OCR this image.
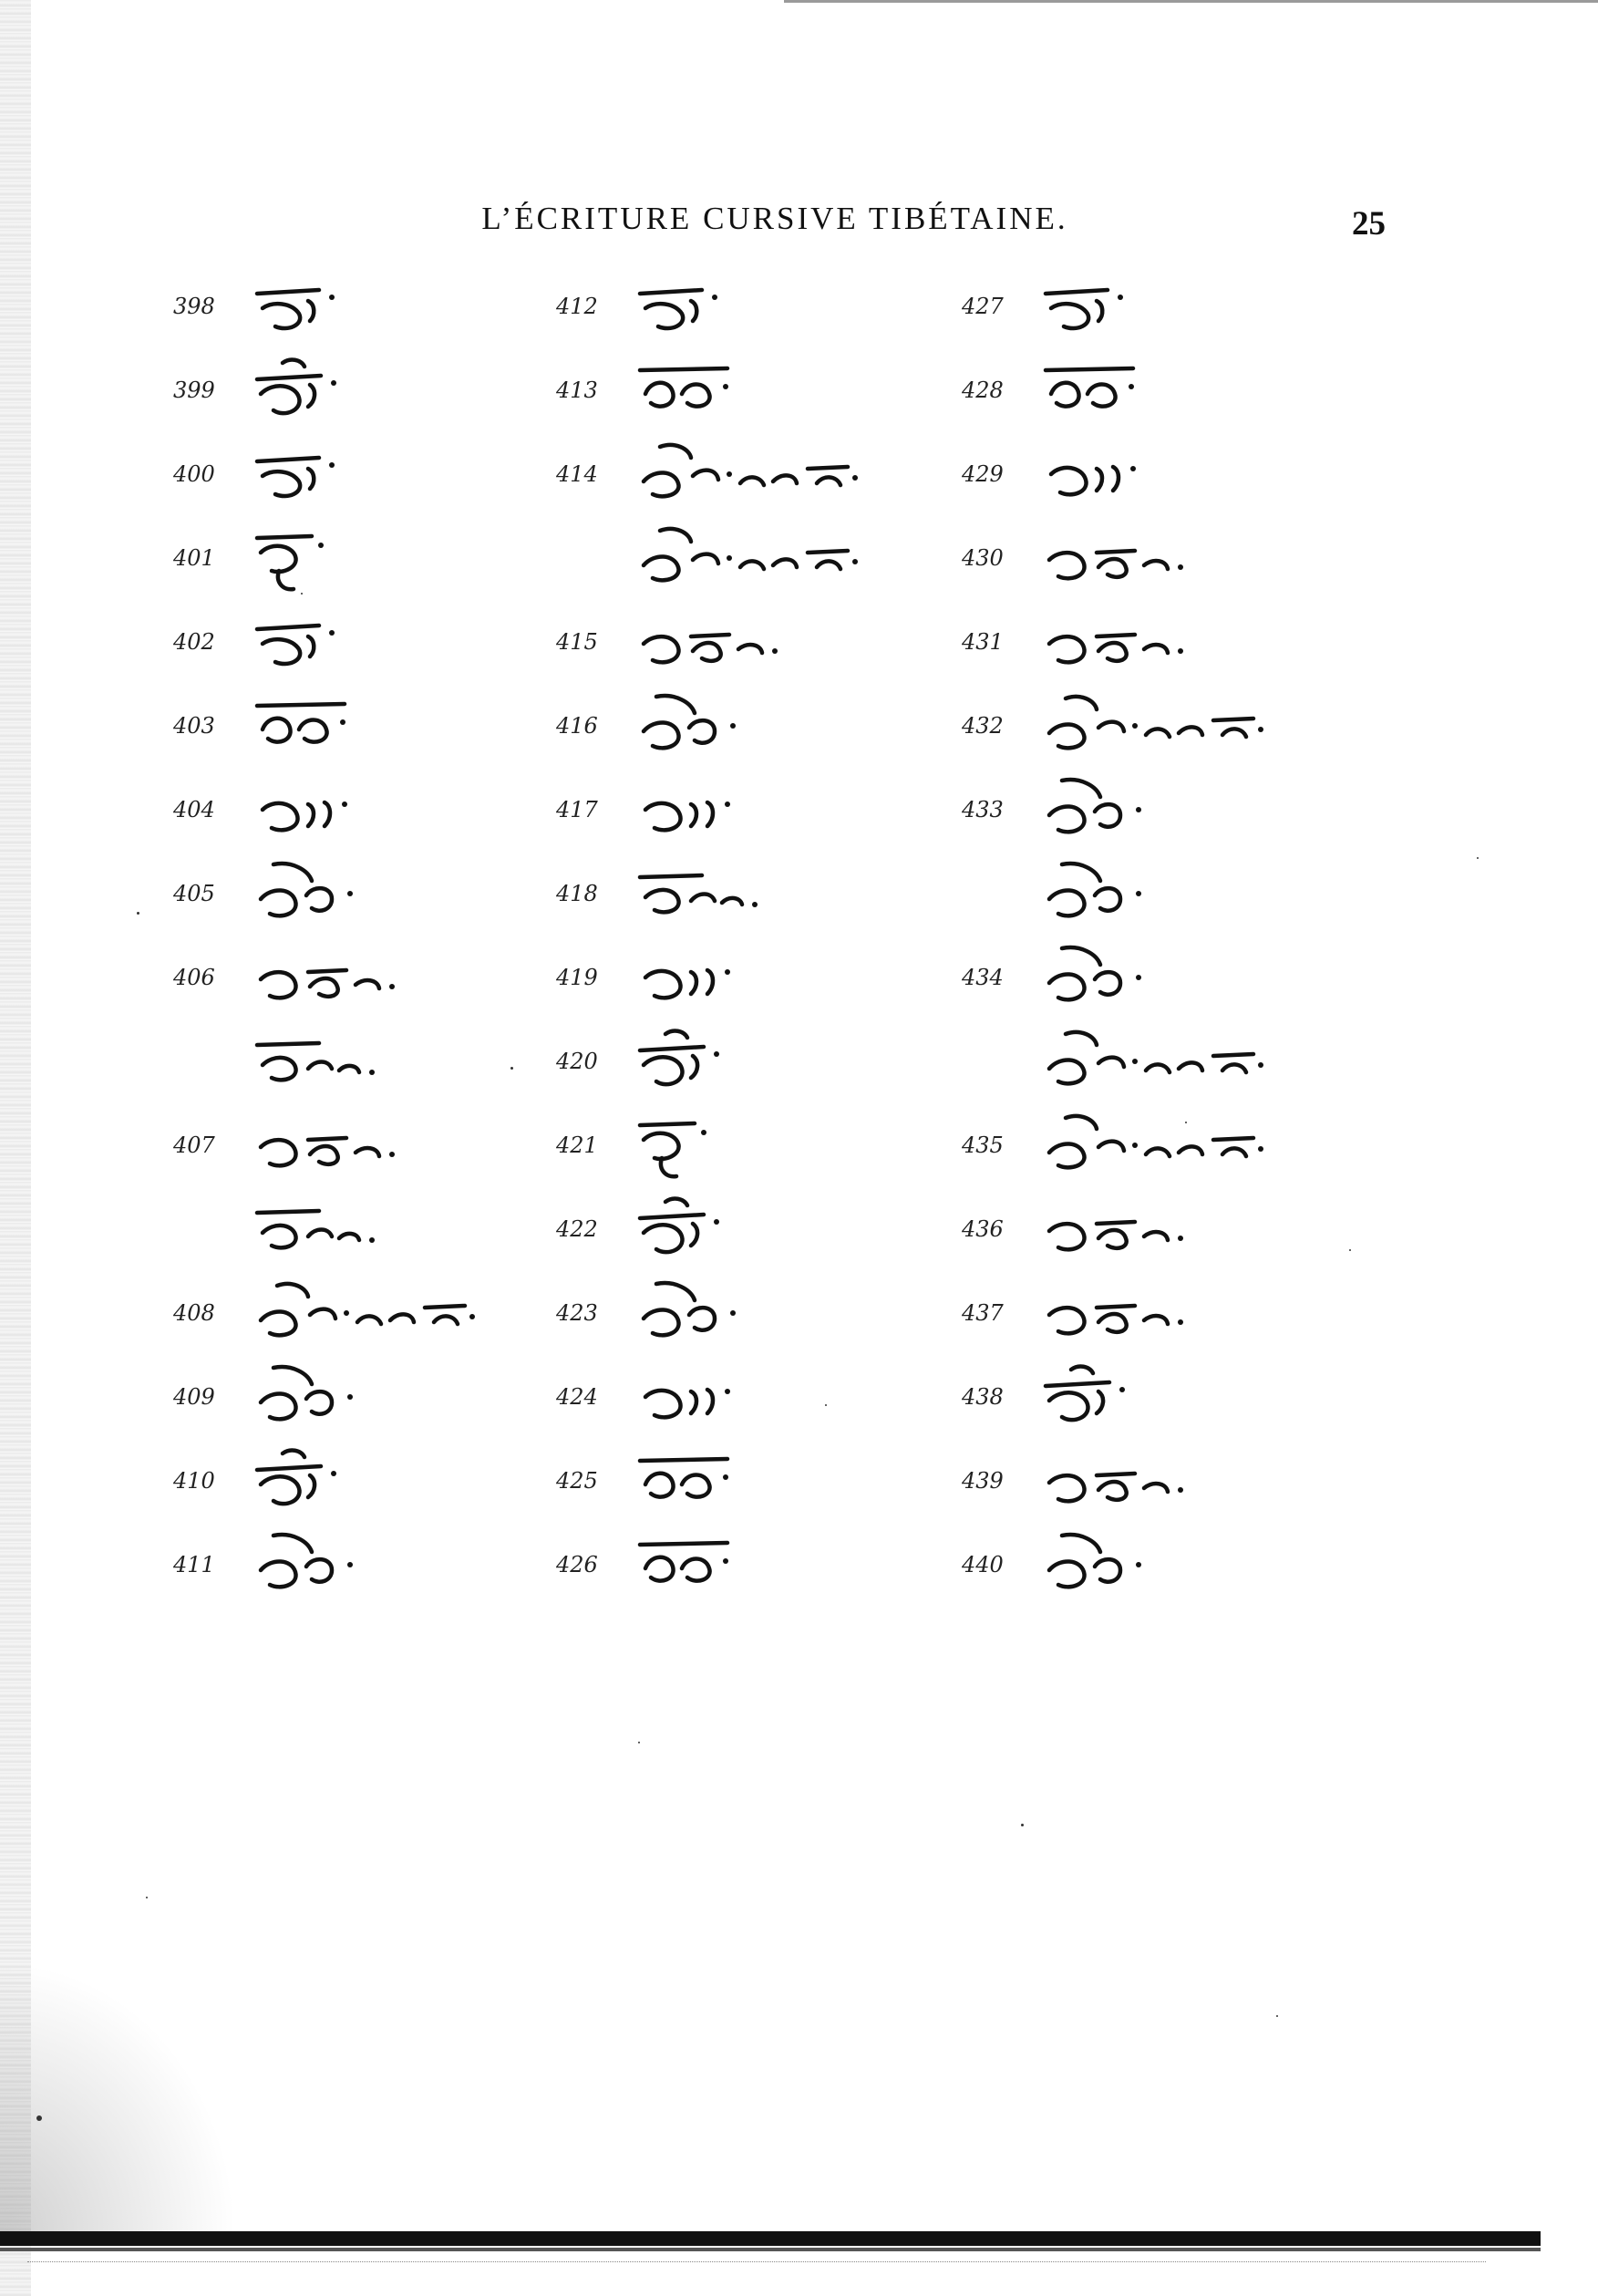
L’ÉCRITURE CURSIVE TIBÉTAINE.	25
398
399
400
401
402
403
404
405
406
407
408
409
410
411
412
413
414
415
416
417
418
419
420
421
422
423
424
425
426
427
428
429
430
431
432
433
434
435
436
437
438
439
440
